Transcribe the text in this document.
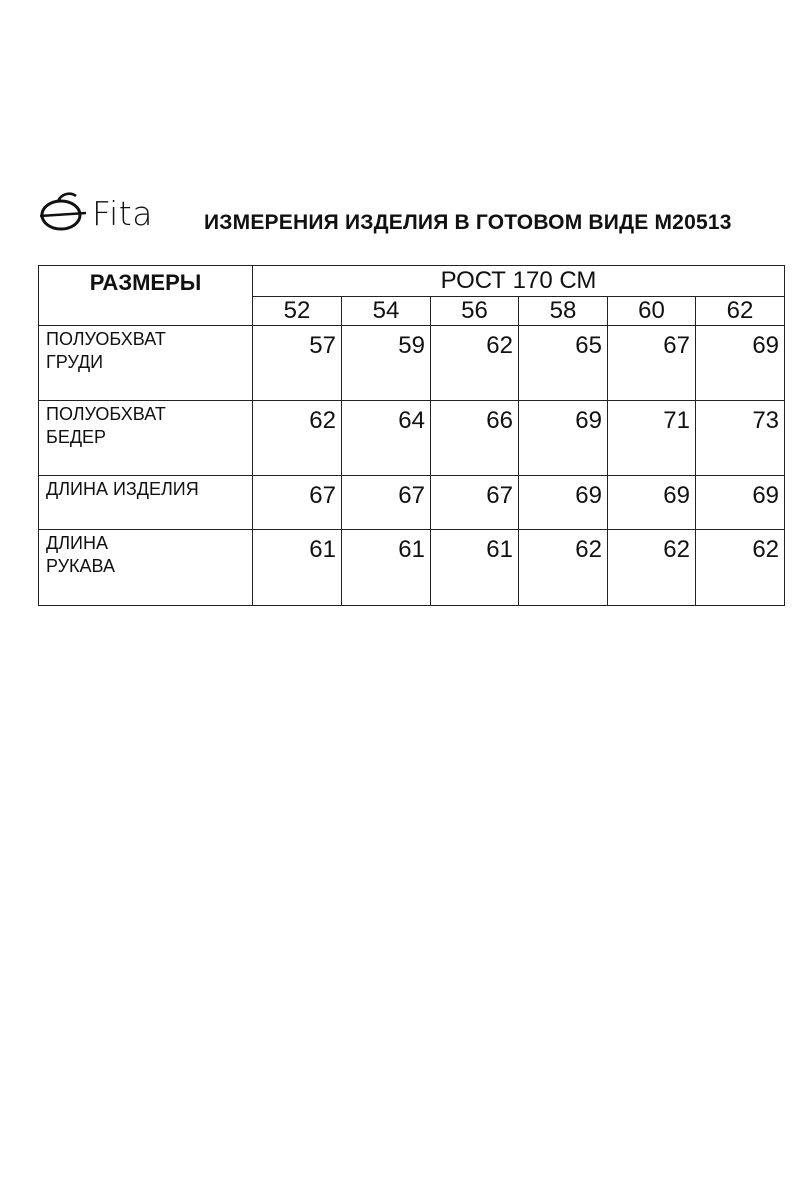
Fita ИЗМЕРЕНИЯ ИЗДЕЛИЯ В ГОТОВОМ ВИДЕ М20513
РАЗМЕРЫ	РОСТ 170 СМ					
	52	54	56	58	60	62

ПОЛУОБХВАТ
ГРУДИ	57	59	62	65	67	69

ПОЛУОБХВАТ
БЕДЕР	62	64	66	69	71	73

ДЛИНА ИЗДЕЛИЯ	67	67	67	69	69	69

ДЛИНА
РУКАВА	61	61	61	62	62	62
